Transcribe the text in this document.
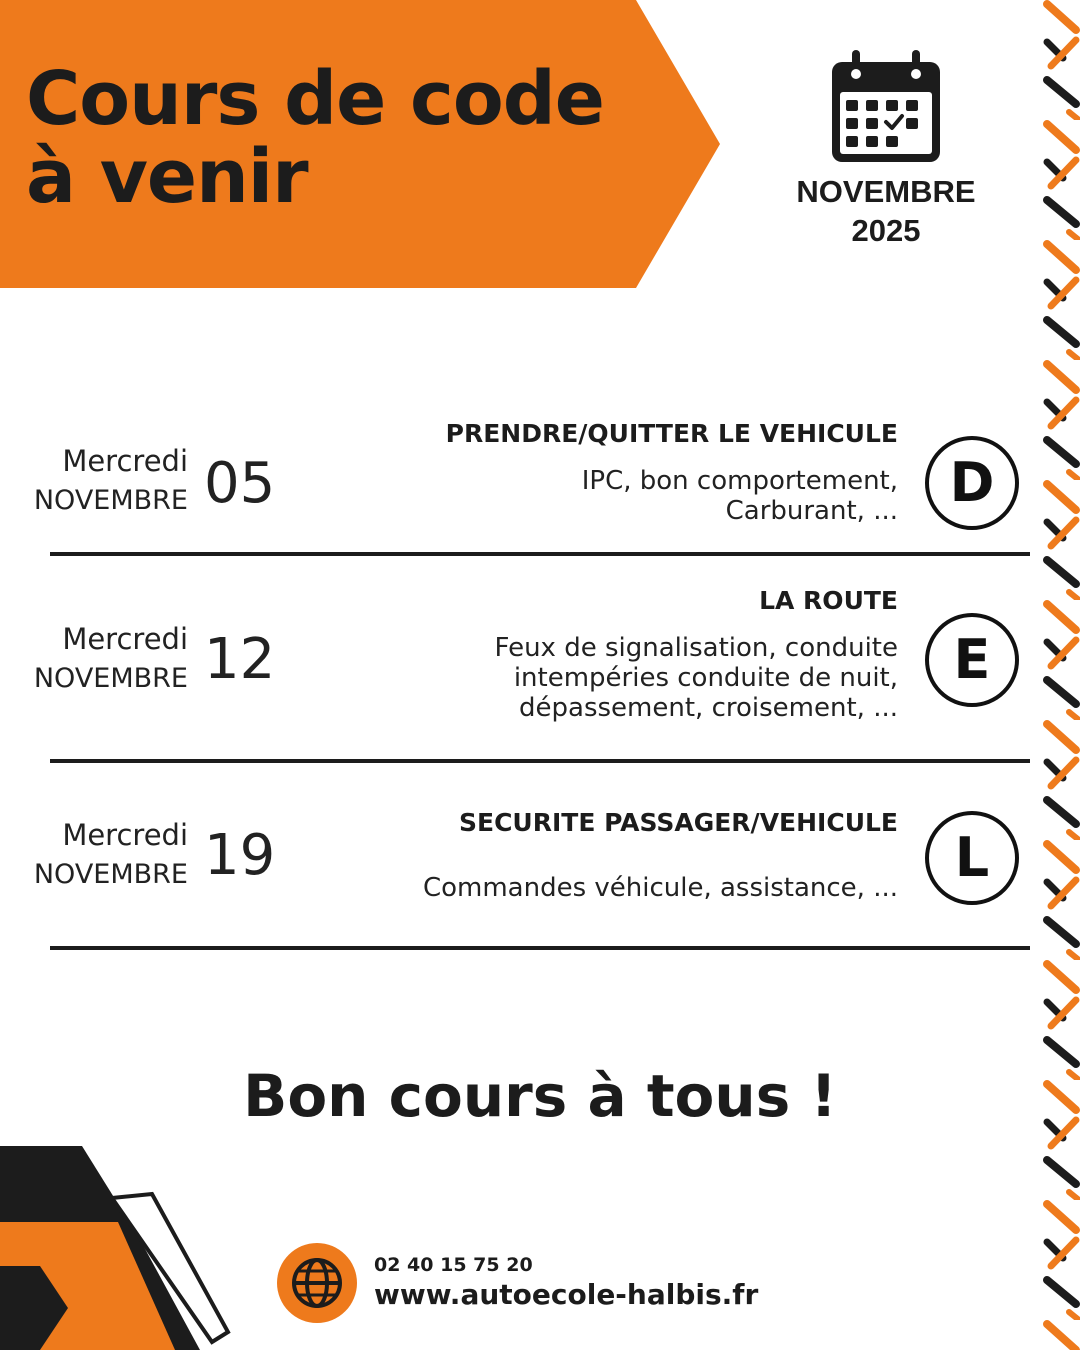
Cours de code
à venir	NOVEMBRE
2025
Mercredi
NOVEMBRE 05
PRENDRE/QUITTER LE VEHICULE
IPC, bon comportement,
Carburant, ... D
Mercredi
NOVEMBRE 12
LA ROUTE
Feux de signalisation, conduite
intempéries conduite de nuit,
dépassement, croisement, ...
E
Mercredi
NOVEMBRE 19
SECURITE PASSAGER/VEHICULE
Commandes véhicule, assistance, ...	L
Bon cours à tous !
02 40 15 75 20
www.autoecole-halbis.fr
